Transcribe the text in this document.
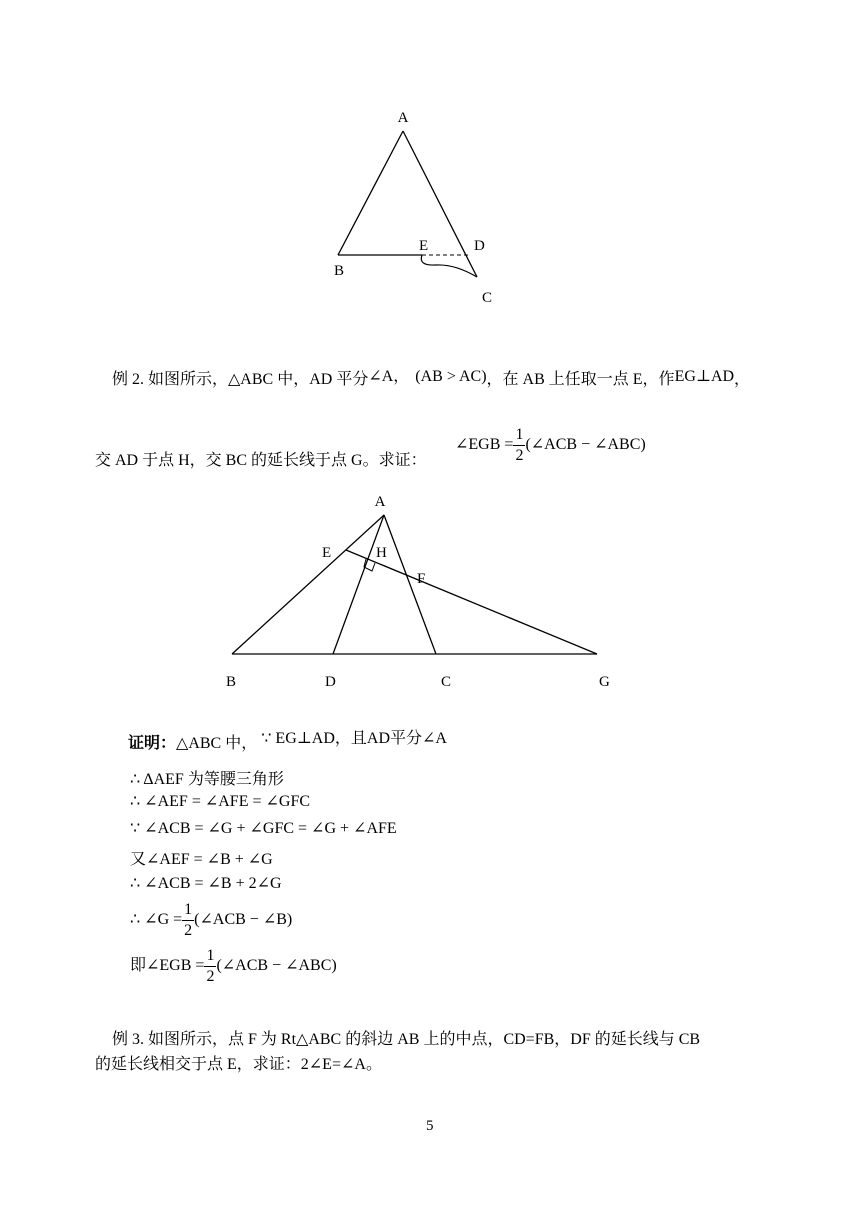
A
B
C
D
E
例 2. 如图所示，△ABC 中，AD 平分∠A， (AB > AC)，在 AB 上任取一点 E，作EG⊥AD，
交 AD 于点 H，交 BC 的延长线于点 G。求证：
∠EGB = $\frac{1}{2}$ (∠ACB − ∠ABC)
A
E	H
F
B	D	C	G
证明：△ABC 中， ∵ EG⊥AD，且AD平分∠A
∴ ΔAEF 为等腰三角形
∴ ∠AEF = ∠AFE = ∠GFC
∵ ∠ACB = ∠G + ∠GFC = ∠G + ∠AFE
又∠AEF = ∠B + ∠G
∴ ∠ACB = ∠B + 2∠G
∴ ∠G = $\frac{1}{2}$ (∠ACB − ∠B)
即∠EGB = $\frac{1}{2}$ (∠ACB − ∠ABC)
例 3. 如图所示，点 F 为 Rt△ABC 的斜边 AB 上的中点，CD=FB，DF 的延长线与 CB
的延长线相交于点 E，求证：2∠E=∠A。
5
